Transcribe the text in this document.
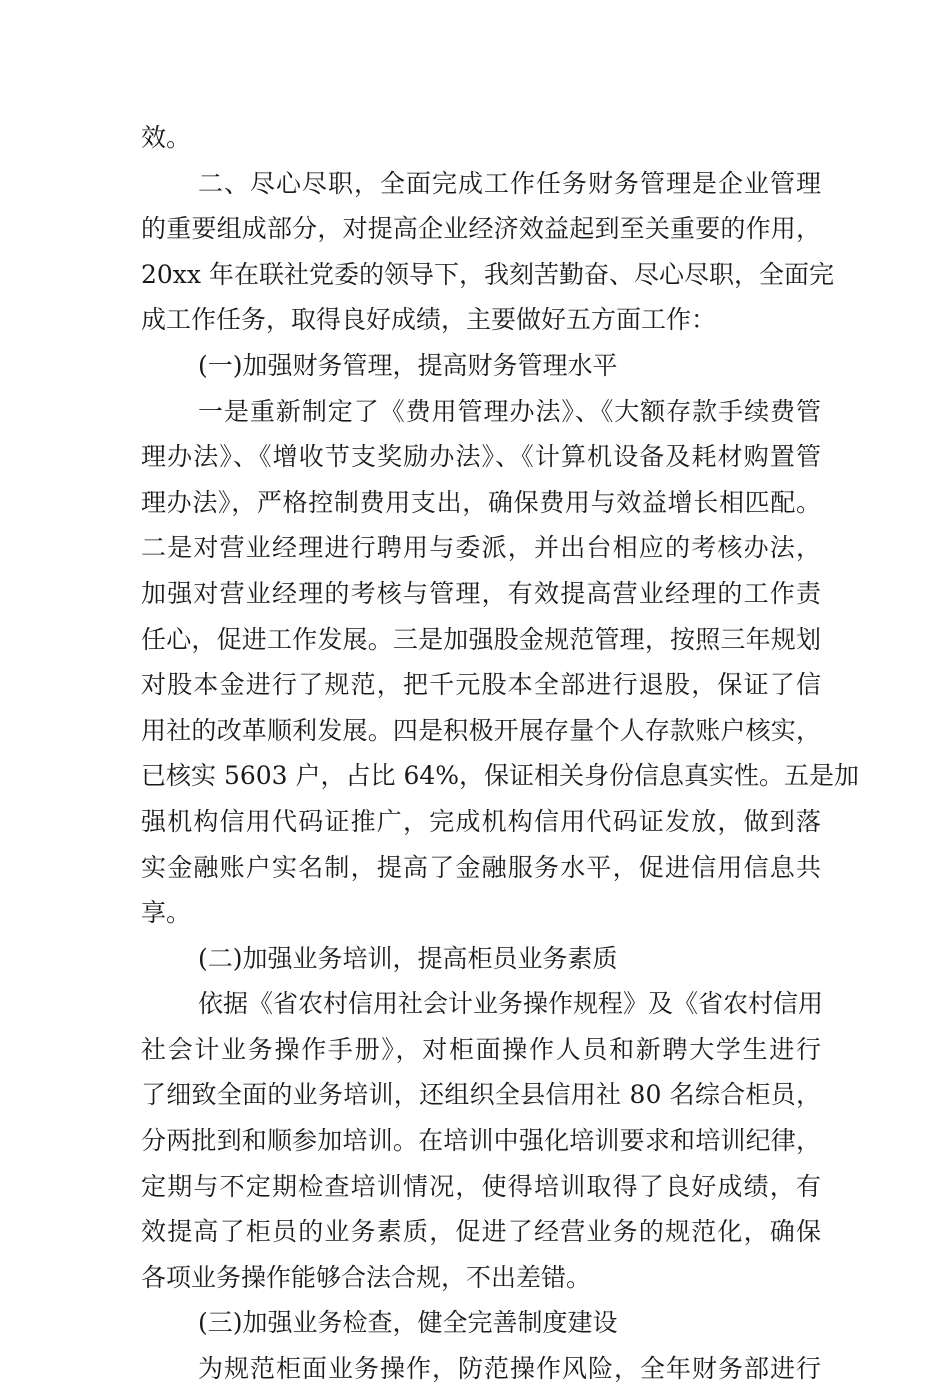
效。
二、尽心尽职，全面完成工作任务财务管理是企业管理
的重要组成部分，对提高企业经济效益起到至关重要的作用，
20xx 年在联社党委的领导下，我刻苦勤奋、尽心尽职，全面完
成工作任务，取得良好成绩，主要做好五方面工作：
(一)加强财务管理，提高财务管理水平
一是重新制定了《费用管理办法》、《大额存款手续费管
理办法》、《增收节支奖励办法》、《计算机设备及耗材购置管
理办法》，严格控制费用支出，确保费用与效益增长相匹配。
二是对营业经理进行聘用与委派，并出台相应的考核办法，
加强对营业经理的考核与管理，有效提高营业经理的工作责
任心，促进工作发展。三是加强股金规范管理，按照三年规划
对股本金进行了规范，把千元股本全部进行退股，保证了信
用社的改革顺利发展。四是积极开展存量个人存款账户核实，
已核实 5603 户，占比 64%，保证相关身份信息真实性。五是加
强机构信用代码证推广，完成机构信用代码证发放，做到落
实金融账户实名制，提高了金融服务水平，促进信用信息共
享。
(二)加强业务培训，提高柜员业务素质
依据《省农村信用社会计业务操作规程》及《省农村信用
社会计业务操作手册》，对柜面操作人员和新聘大学生进行
了细致全面的业务培训，还组织全县信用社 80 名综合柜员，
分两批到和顺参加培训。在培训中强化培训要求和培训纪律，
定期与不定期检查培训情况，使得培训取得了良好成绩，有
效提高了柜员的业务素质，促进了经营业务的规范化，确保
各项业务操作能够合法合规，不出差错。
(三)加强业务检查，健全完善制度建设
为规范柜面业务操作，防范操作风险，全年财务部进行
